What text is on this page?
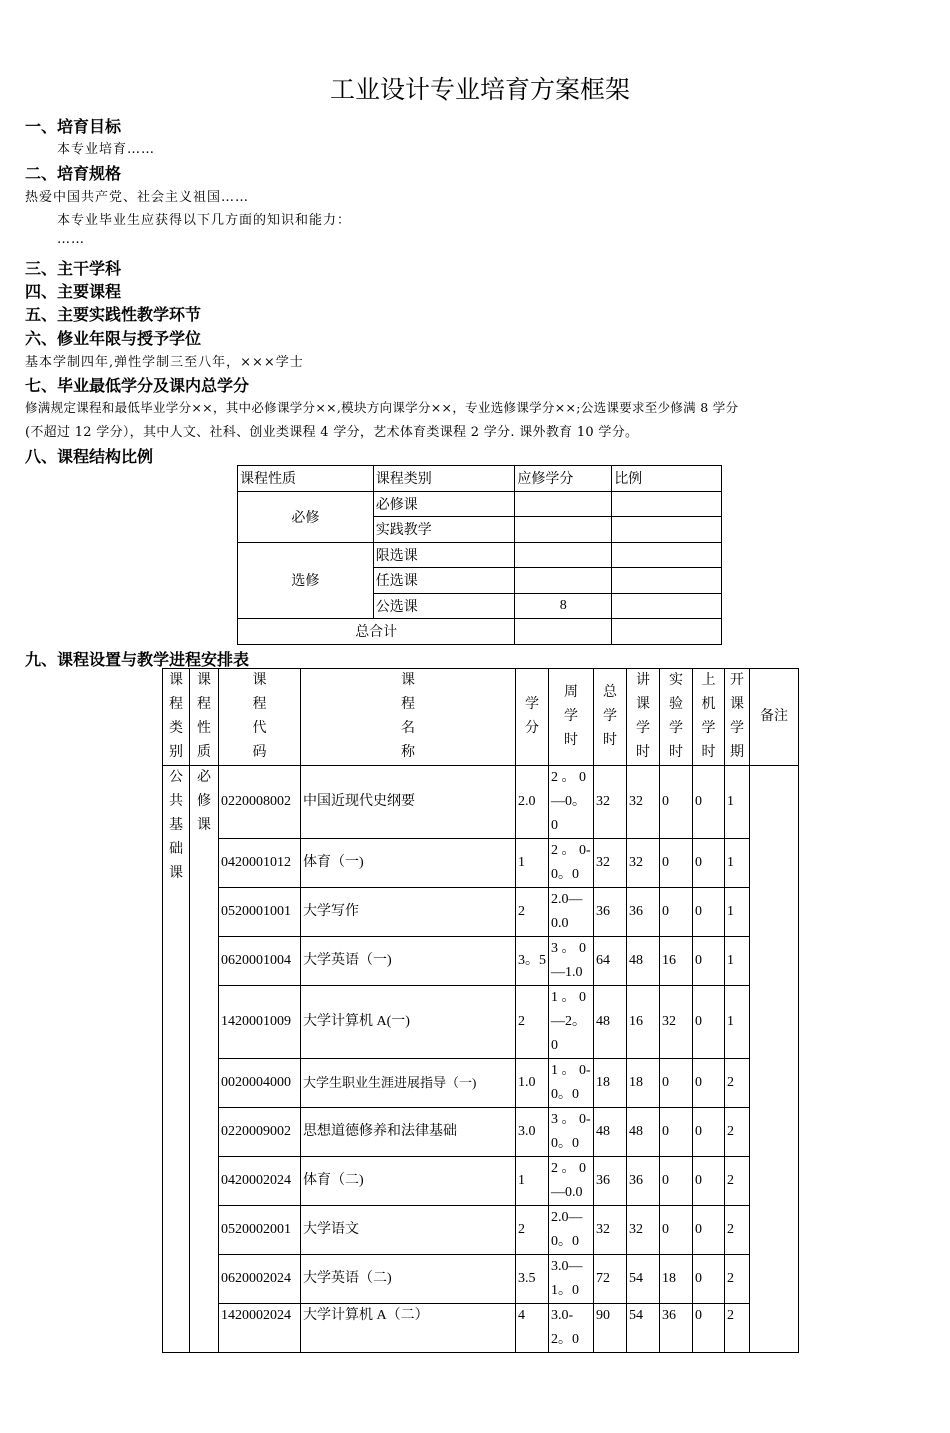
工业设计专业培育方案框架
一、培育目标
本专业培育……
二、培育规格
热爱中国共产党、社会主义祖国……
本专业毕业生应获得以下几方面的知识和能力：
……
三、主干学科
四、主要课程
五、主要实践性教学环节
六、修业年限与授予学位
基本学制四年,弹性学制三至八年，×××学士
七、毕业最低学分及课内总学分
修满规定课程和最低毕业学分××，其中必修课学分××,模块方向课学分××，专业选修课学分××;公选课要求至少修满 8 学分
(不超过 12 学分），其中人文、社科、创业类课程 4 学分，艺术体育类课程 2 学分. 课外教育 10 学分。
八、课程结构比例
课程性质	课程类别	应修学分	比例
必修	必修课		
	实践教学		
选修	限选课		
	任选课		
	公选课	8	
总合计			
九、课程设置与教学进程安排表
课程类别	课程性质	课程代码	课程名称	学分	周学时	总学时	讲课学时	实验学时	上机学时	开课学期	备注

公共基础课	必修课	0220008002	中国近现代史纲要	2.0	2 。 0—0。0	32	32	0	0	1	
		0420001012	体育（一)	1	2 。 0-0。0	32	32	0	0	1	
		0520001001	大学写作	2	2.0—0.0	36	36	0	0	1	
		0620001004	大学英语（一)	3。5	3 。 0—1.0	64	48	16	0	1	
		1420001009	大学计算机 A(一)	2	1 。 0—2。0	48	16	32	0	1	
		0020004000	大学生职业生涯进展指导（一)	1.0	1 。 0-0。0	18	18	0	0	2	
		0220009002	思想道德修养和法律基础	3.0	3 。 0-0。0	48	48	0	0	2	
		0420002024	体育（二)	1	2 。 0—0.0	36	36	0	0	2	
		0520002001	大学语文	2	2.0—0。0	32	32	0	0	2	
		0620002024	大学英语（二)	3.5	3.0—1。0	72	54	18	0	2	
		1420002024	大学计算机 A（二）	4	3.0-2。0	90	54	36	0	2	
